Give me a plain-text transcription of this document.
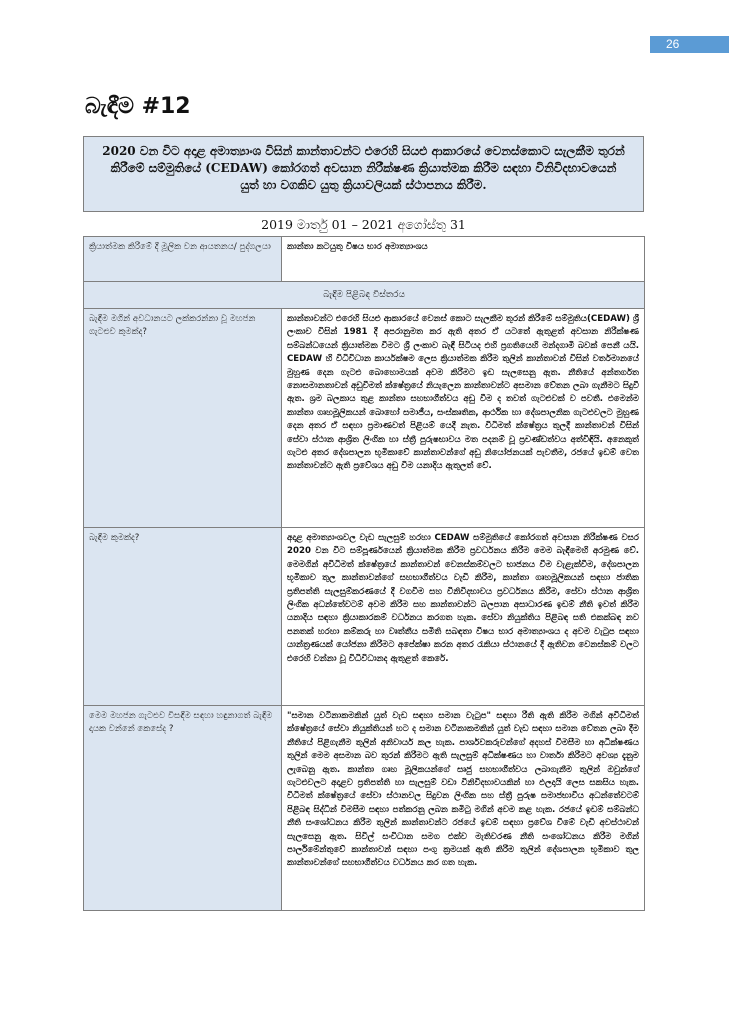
26
බැඳීම #12
2020 වන විට අදාළ අමාත්‍යාංශ විසින් කාන්තාවන්ට එරෙහි සියළු ආකාරයේ වෙනස්කොට සැලකීම තුරන් කිරීමේ සම්මුතියේ (CEDAW) කෝරගත් අවසාන නිරීක්ෂණ ක්‍රියාත්මක කිරීම සඳහා විනිවිදභාවයෙන් යුත් හා වගකිව යුතු ක්‍රියාවලියක් ස්ථාපනය කිරීම.
2019 මාර්තු 01 – 2021 අගෝස්තු 31
ක්‍රියාත්මක කිරීමේ දී මූලික වන ආයතනය/ පුද්ගලයා	කාන්තා කටයුතු විෂය භාර අමාත්‍යාංශය
බැඳීම පිළිබඳ විස්තරය	
බැඳීම මගින් අවධානයට ලක්කරන්නා වූ මහජන ගැටළුව කුමක්ද?	කාන්තාවන්ට එරෙහි සියළු ආකාරයේ වෙනස් කොට සැලකීම තුරන් කිරීමේ සම්මුතිය(CEDAW) ශ්‍රී ලංකාව විසින් 1981 දී අපරානුමත කර ඇති අතර ඒ යටතේ ඇතුළත් අවසාන නිරීක්ෂණ සම්බන්ධයෙන් ක්‍රියාත්මක වීමට ශ්‍රී ලංකාව බැඳී සිටියද එහි ප්‍රගතියෙහි මන්දගාමී බවක් පෙනී යයි. CEDAW හි විධිවිධාන කාර්යක්ෂම ලෙස ක්‍රියාත්මක කිරීම තුලින් කාන්තාවන් විසින් වර්තමානයේ මුහුණ දෙන ගැටළු බොහොමයක් අවම කිරීමට ඉඩ සැලසෙනු ඇත. නීතියේ අන්තර්ගත නොසමානතාවන් අඩුවීමත් ක්ෂේත්‍රයේ නියැලෙන කාන්තාවන්ට අසමාන වේතන ලබා ගැනීමට සිදුවී ඇත. ශ්‍රම බලකාය තුළ කාන්තා සහභාගීත්වය අඩු වීම ද තවත් ගැටළුවක් ව පවතී. එමෙන්ම කාන්තා ගෘහමූලිකයන් බොහෝ සමාජීය, සංස්කෘතික, ආර්ථික හා දේශපාලනික ගැටළුවලට මුහුණ දෙන අතර ඒ සඳහා ප්‍රමාණවත් පිළියම් යෙදී නැත. විධිමත් ක්ෂේත්‍රය තුලදී කාන්තාවන් විසින් සේවා ස්ථාන ආශ්‍රිත ලිංගික හා ස්ත්‍රී පුරුෂභාවය මත පදනම් වූ ප්‍රචණ්ඩත්වය අත්විඳියි. අනෙකුත් ගැටළු අතර දේශපාලන භූමිකාවේ කාන්තාවන්ගේ අඩු නියෝජනයක් පැවතීම, රජයේ ඉඩම් වෙත කාන්තාවන්ට ඇති ප්‍රවේශය අඩු වීම යනාදිය ඇතුලත් වේ.
බැඳීම කුමක්ද?	අදාළ අමාත්‍යාංශවල වැඩ සැලසුම් හරහා CEDAW සම්මුතියේ කෝරගත් අවසාන නිරීක්ෂණ වසර 2020 වන විට සම්පූර්ණයෙන් ක්‍රියාත්මක කිරීම ප්‍රවර්ධනය කිරීම මෙම බැඳීමෙහි අරමුණ වේ. මෙමගින් අවිධිමත් ක්ෂේත්‍රයේ කාන්තාවන් වෙනස්කම්වලට භාජනය වීම වැළැක්වීම, දේශපාලන භූමිකාව තුල කාන්තාවන්ගේ සහභාගීත්වය වැඩි කිරීම, කාන්තා ගෘහමූලිකයන් සඳහා ජාතික ප්‍රතිපත්ති සැලසුම්කරණයේ දී වගවීම සහ විනිවිදභාවය ප්‍රවර්ධනය කිරීම, සේවා ස්ථාන ආශ්‍රිත ලිංගික අධන්තේවටම් අවම කිරීම සහ කාන්තාවන්ට බලපාන අසාධාරණ ඉඩම් නීති ඉවත් කිරීම යනාදිය සඳහා ක්‍රියාකාරකම් වර්ධනය කරගත හැක. සේවා නියුක්තිය පිළිබඳ සති එකක්බඳ නව පනතක් හරහා කම්කරු හා වෘත්තීය සමිති සබඳතා විෂය භාර අමාත්‍යාංශය ද අවම වැටුප සඳහා යාන්ත්‍රණයක් යෝජනා කිරීමට අපේක්ෂා කරන අතර රැකියා ස්ථානයේ දී ඇතිවන වෙනස්කම් වලට එරෙහි වන්නා වූ විධිවිධානද ඇතුළත් කෙරේ.
මෙම මහජන ගැටළුව විසඳීම සඳහා හඳුනාගත් බැඳීම දායක වන්නේ කෙසේද ?	"සමාන වටිනාකමකින් යුත් වැඩ සඳහා සමාන වැටුප" සඳහා රීති ඇති කිරීම මගින් අවිධිමත් ක්ෂේත්‍රයේ සේවා නියුක්තියන් හට ද සමාන වටිනාකමකින් යුත් වැඩ සඳහා සමාන වේතන ලබා දීම නීතියේ පිළිගැනීම තුලින් අනිවාර්ය කල හැක. පාර්ශවකරුවන්ගේ අදහස් විමසීම හා අධීක්ෂණය තුලින් මෙම අසමාන බව තුරන් කිරීමට ඇති සැලසුම් අධීක්ෂණය හා වාර්තා කිරීමට අවශ්‍ය දැනුම ලැබෙනු ඇත. කාන්තා ගෘහ මූලිකයන්ගේ සෘජු සහභාගීත්වය ලබාගැනීම තුලින් ඔවුන්ගේ ගැටළුවලට අදාළව ප්‍රතිපත්ති හා සැලසුම් වඩා විනිවිදභාවයකින් හා ඵලදායි ලෙස සකසිය හැක. විධිමත් ක්ෂේත්‍රයේ සේවා ස්ථානවල සිදුවන ලිංගික සහ ස්ත්‍රී පුරුෂ සමාජභාවීය අධන්තේවටම් පිළිබඳ සිද්ධීන් විමසීම සඳහා පත්කරනු ලබන කමිටු මගින් අවම කළ හැක. රජයේ ඉඩම් සම්බන්ධ නීති සංශෝධනය කිරීම තුලින් කාන්තාවන්ට රජයේ ඉඩම් සඳහා ප්‍රවේශ වීමේ වැඩි අවස්ථාවන් සැලසෙනු ඇත. සිවිල් සංවිධාන සමග එක්ව මැතිවරණ නීති සංශෝධනය කිරීම මගින් පාර්ලිමේන්තුවේ කාන්තාවන් සඳහා පංගු ක්‍රමයක් ඇති කිරීම තුලින් දේශපාලන භූමිකාව තුල කාන්තාවන්ගේ සහභාගීත්වය වර්ධනය කර ගත හැක.
